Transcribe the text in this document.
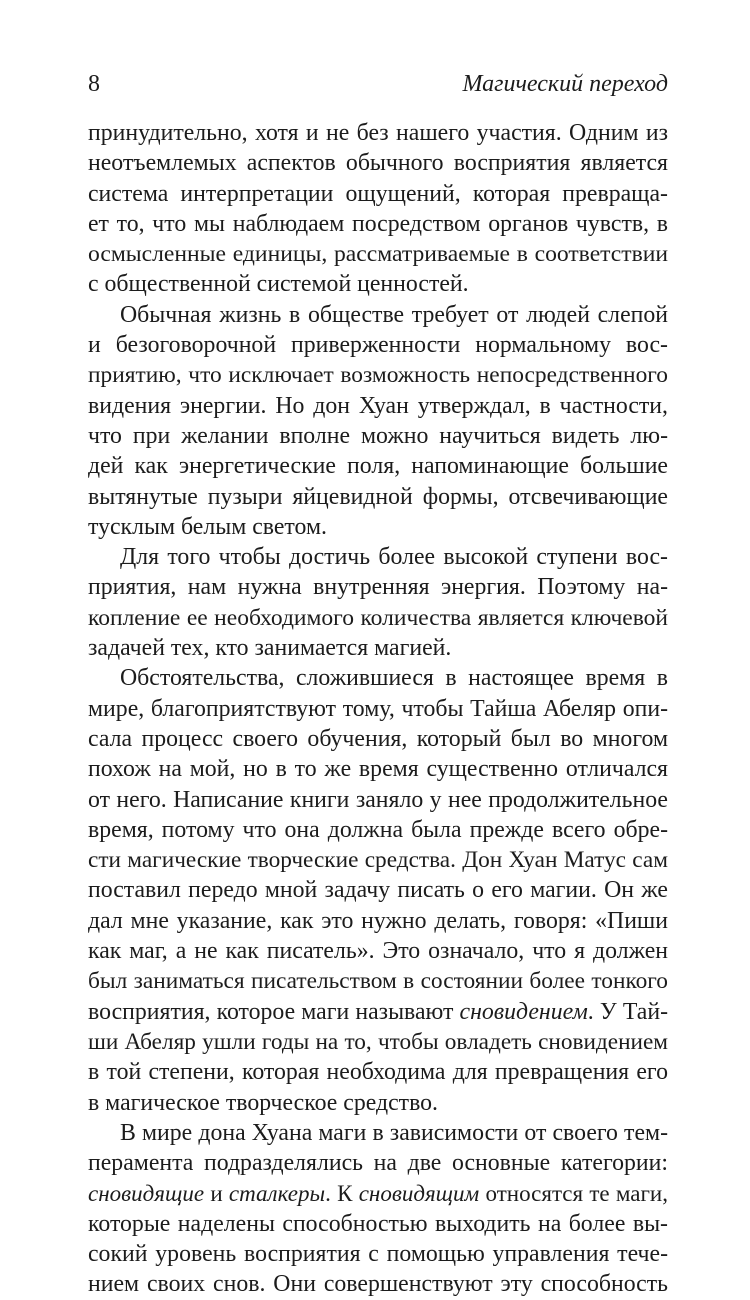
8	Магический переход

принудительно, хотя и не без нашего участия. Одним из
неотъемлемых аспектов обычного восприятия является
система интерпретации ощущений, которая превраща-
ет то, что мы наблюдаем посредством органов чувств, в
осмысленные единицы, рассматриваемые в соответствии
с общественной системой ценностей.

Обычная жизнь в обществе требует от людей слепой
и безоговорочной приверженности нормальному вос-
приятию, что исключает возможность непосредственного
видения энергии. Но дон Хуан утверждал, в частности,
что при желании вполне можно научиться видеть лю-
дей как энергетические поля, напоминающие большие
вытянутые пузыри яйцевидной формы, отсвечивающие
тусклым белым светом.

Для того чтобы достичь более высокой ступени вос-
приятия, нам нужна внутренняя энергия. Поэтому на-
копление ее необходимого количества является ключевой
задачей тех, кто занимается магией.

Обстоятельства, сложившиеся в настоящее время в
мире, благоприятствуют тому, чтобы Тайша Абеляр опи-
сала процесс своего обучения, который был во многом
похож на мой, но в то же время существенно отличался
от него. Написание книги заняло у нее продолжительное
время, потому что она должна была прежде всего обре-
сти магические творческие средства. Дон Хуан Матус сам
поставил передо мной задачу писать о его магии. Он же
дал мне указание, как это нужно делать, говоря: «Пиши
как маг, а не как писатель». Это означало, что я должен
был заниматься писательством в состоянии более тонкого
восприятия, которое маги называют сновидением. У Тай-
ши Абеляр ушли годы на то, чтобы овладеть сновидением
в той степени, которая необходима для превращения его
в магическое творческое средство.

В мире дона Хуана маги в зависимости от своего тем-
перамента подразделялись на две основные категории:
сновидящие и сталкеры. К сновидящим относятся те маги,
которые наделены способностью выходить на более вы-
сокий уровень восприятия с помощью управления тече-
нием своих снов. Они совершенствуют эту способность
